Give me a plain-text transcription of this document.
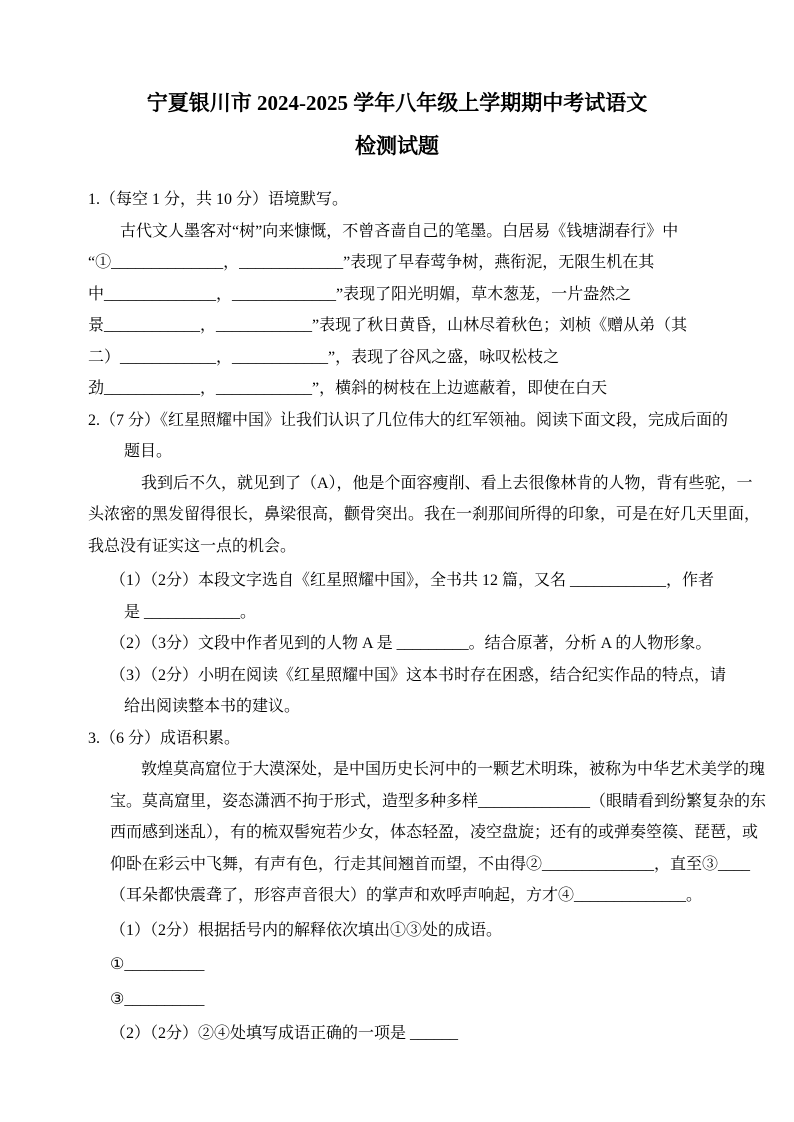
宁夏银川市 2024-2025 学年八年级上学期期中考试语文
检测试题
1.（每空 1 分，共 10 分）语境默写。
古代文人墨客对“树”向来慷慨，不曾吝啬自己的笔墨。白居易《钱塘湖春行》中
“①______________，_____________”表现了早春莺争树，燕衔泥，无限生机在其
中______________，_____________”表现了阳光明媚，草木葱茏，一片盎然之
景____________，____________”表现了秋日黄昏，山林尽着秋色；刘桢《赠从弟（其
二）____________，____________”，表现了谷风之盛，咏叹松枝之
劲____________，____________”，横斜的树枝在上边遮蔽着，即使在白天
2.（7 分）《红星照耀中国》让我们认识了几位伟大的红军领袖。阅读下面文段，完成后面的
题目。
我到后不久，就见到了（A），他是个面容瘦削、看上去很像林肯的人物，背有些驼，一
头浓密的黑发留得很长，鼻梁很高，颧骨突出。我在一刹那间所得的印象，可是在好几天里面，
我总没有证实这一点的机会。
（1）（2分）本段文字选自《红星照耀中国》，全书共 12 篇，又名 ____________，作者
是 ____________。
（2）（3分）文段中作者见到的人物 A 是 _________。结合原著，分析 A 的人物形象。
（3）（2分）小明在阅读《红星照耀中国》这本书时存在困惑，结合纪实作品的特点，请
给出阅读整本书的建议。
3.（6 分）成语积累。
敦煌莫高窟位于大漠深处，是中国历史长河中的一颗艺术明珠，被称为中华艺术美学的瑰
宝。莫高窟里，姿态潇洒不拘于形式，造型多种多样______________（眼睛看到纷繁复杂的东
西而感到迷乱），有的梳双髻宛若少女，体态轻盈，凌空盘旋；还有的或弹奏箜篌、琵琶，或
仰卧在彩云中飞舞，有声有色，行走其间翘首而望，不由得②______________，直至③____
（耳朵都快震聋了，形容声音很大）的掌声和欢呼声响起，方才④______________。
（1）（2分）根据括号内的解释依次填出①③处的成语。
①__________
③__________
（2）（2分）②④处填写成语正确的一项是 ______
